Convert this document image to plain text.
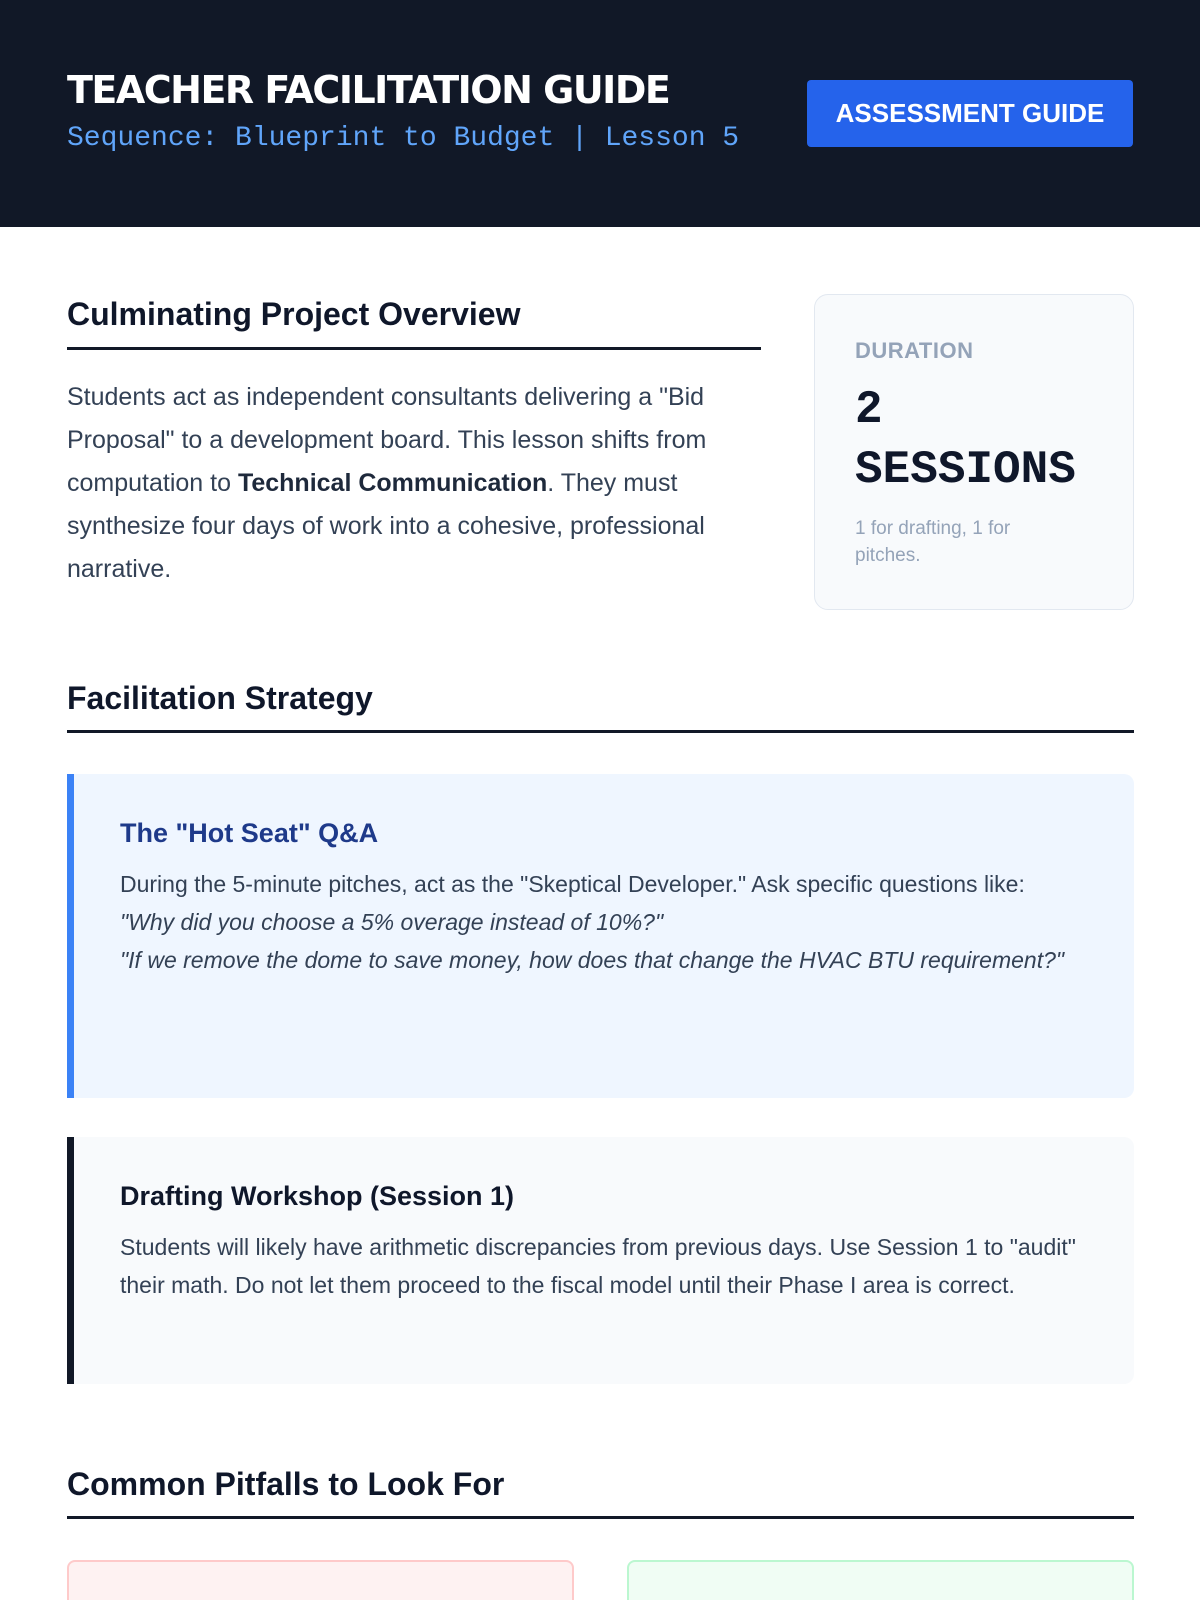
TEACHER FACILITATION GUIDE
Sequence: Blueprint to Budget | Lesson 5
ASSESSMENT GUIDE
Culminating Project Overview
Students act as independent consultants delivering a "Bid Proposal" to a development board. This lesson shifts from computation to Technical Communication. They must synthesize four days of work into a cohesive, professional narrative.
DURATION
2 SESSIONS
1 for drafting, 1 for pitches.
Facilitation Strategy
The "Hot Seat" Q&A
During the 5-minute pitches, act as the "Skeptical Developer." Ask specific questions like:
"Why did you choose a 5% overage instead of 10%?"
"If we remove the dome to save money, how does that change the HVAC BTU requirement?"
Drafting Workshop (Session 1)
Students will likely have arithmetic discrepancies from previous days. Use Session 1 to "audit" their math. Do not let them proceed to the fiscal model until their Phase I area is correct.
Common Pitfalls to Look For
